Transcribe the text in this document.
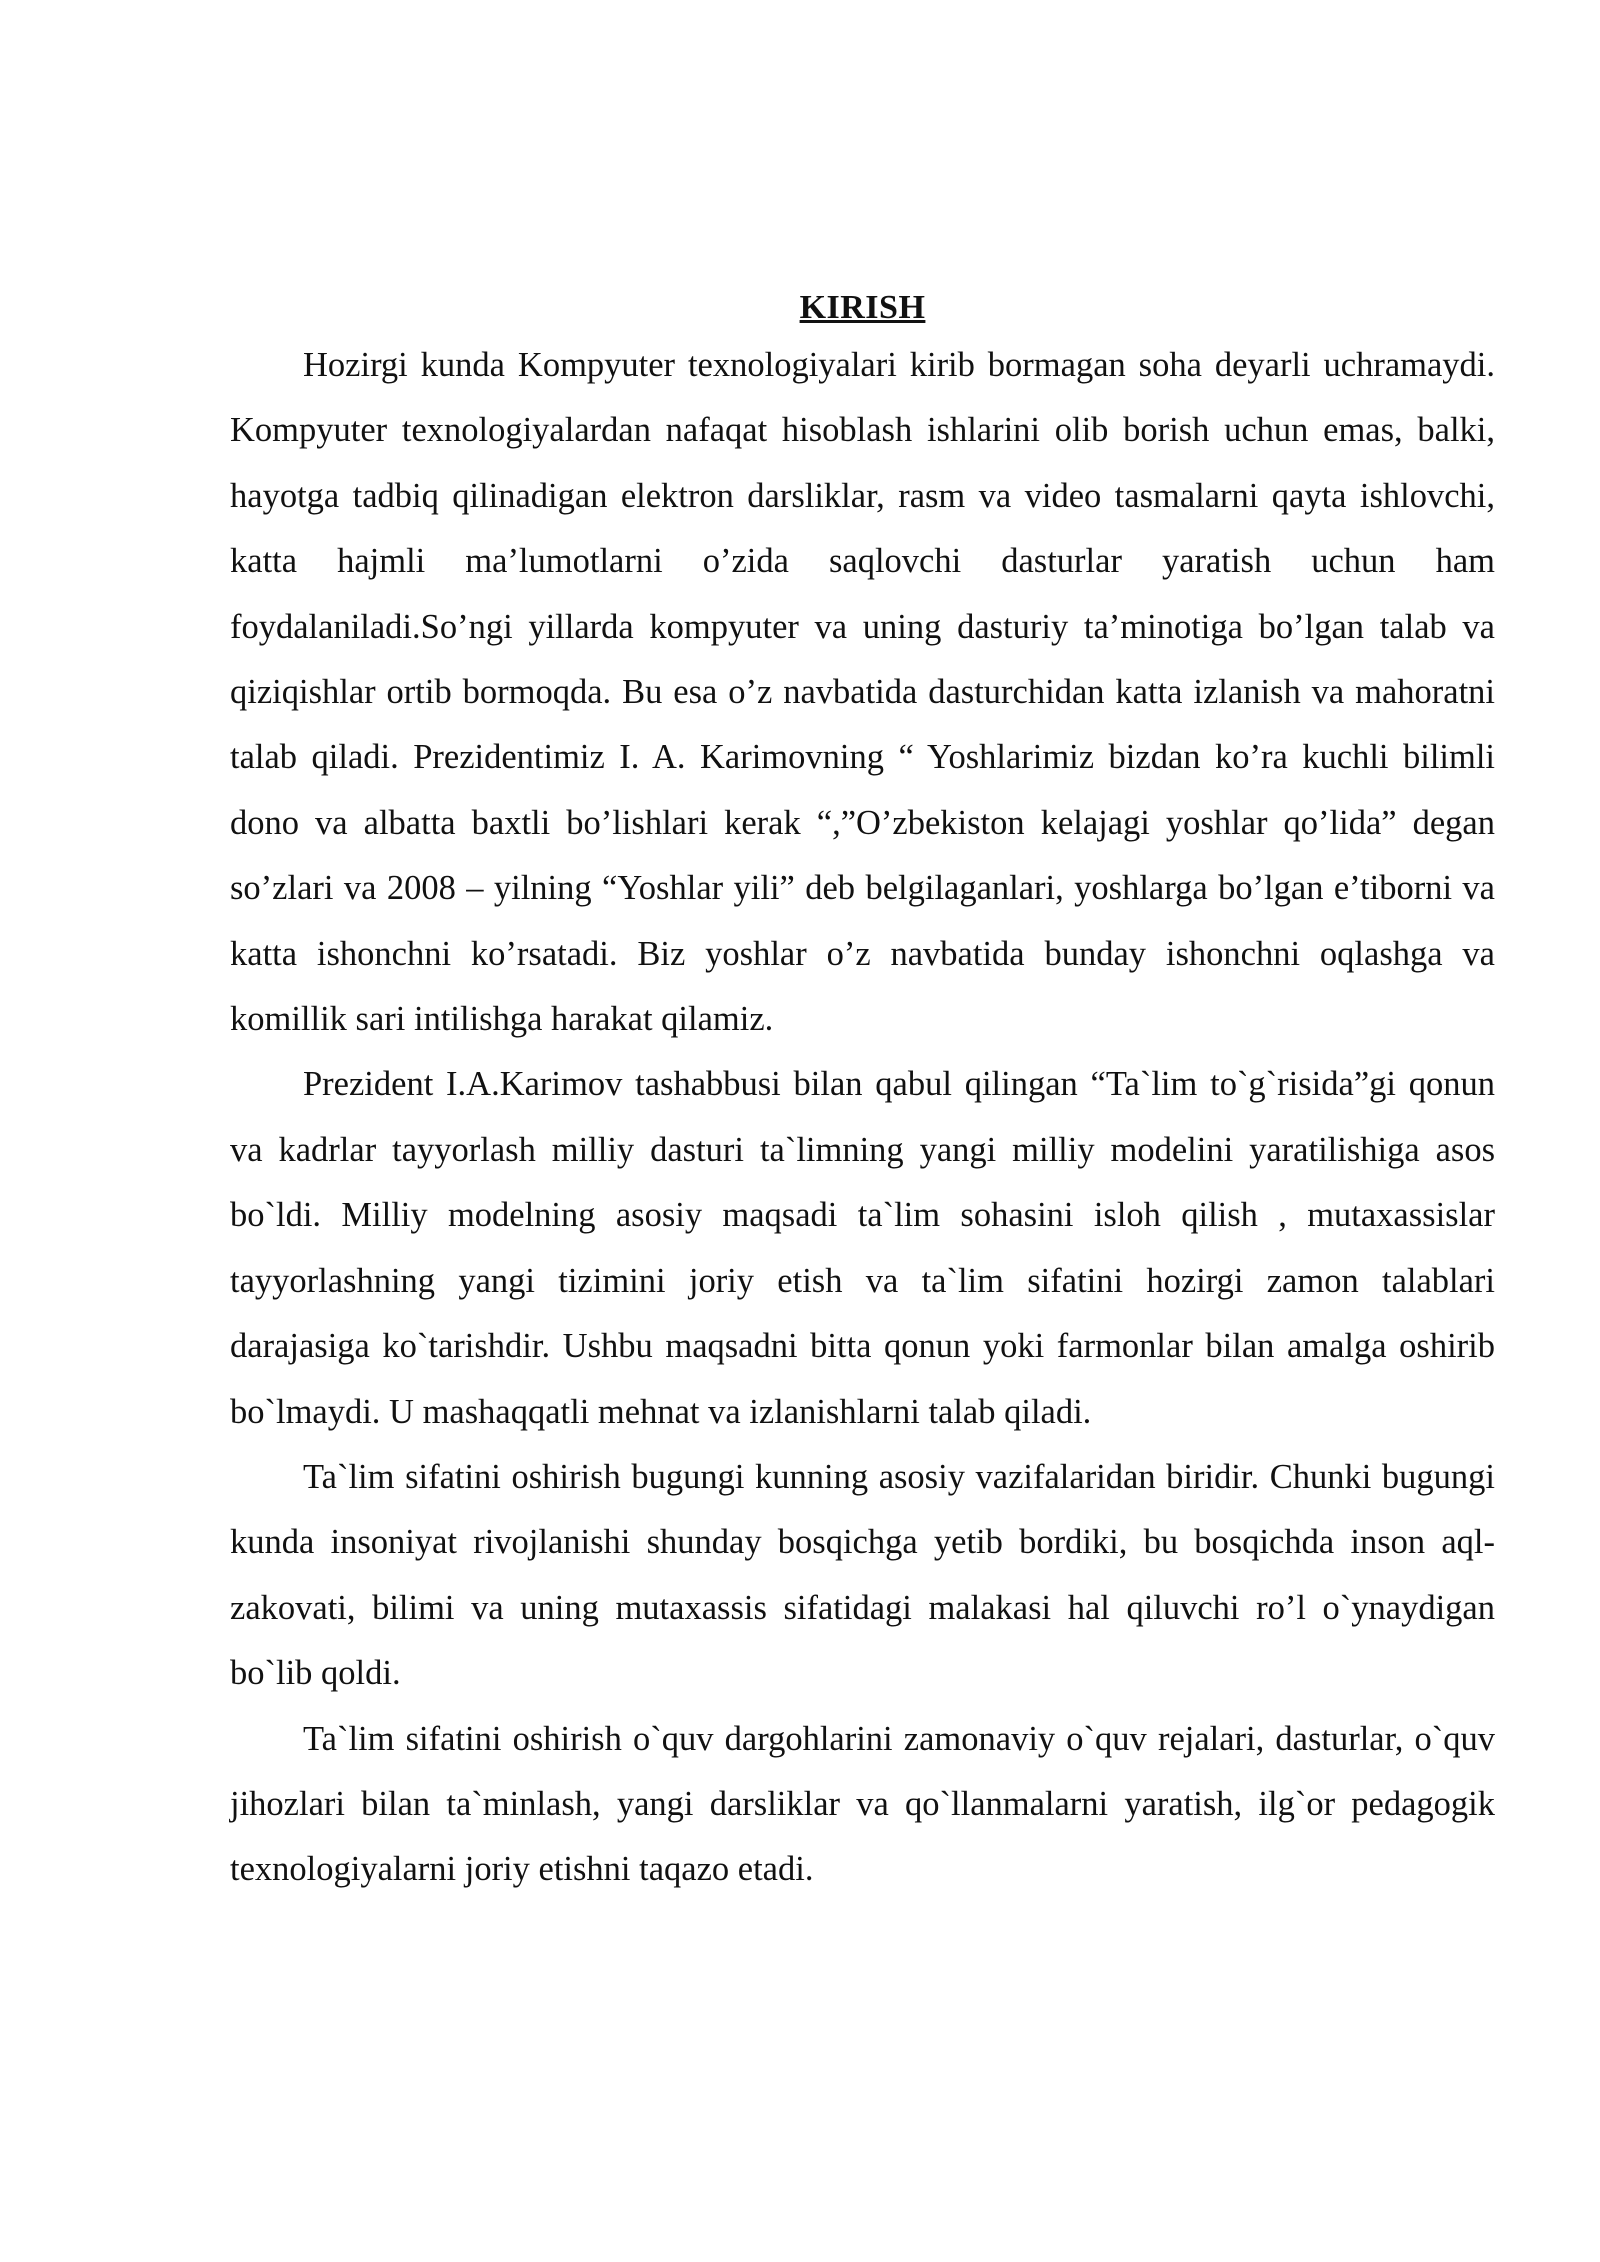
KIRISH

Hozirgi kunda Kompyuter texnologiyalari kirib bormagan soha deyarli uchramaydi. Kompyuter texnologiyalardan nafaqat hisoblash ishlarini olib borish uchun emas, balki, hayotga tadbiq qilinadigan elektron darsliklar, rasm va video tasmalarni qayta ishlovchi, katta hajmli ma’lumotlarni o’zida saqlovchi dasturlar yaratish uchun ham foydalaniladi.So’ngi yillarda kompyuter va uning dasturiy ta’minotiga bo’lgan talab va qiziqishlar ortib bormoqda. Bu esa o’z navbatida dasturchidan katta izlanish va mahoratni talab qiladi. Prezidentimiz I. A. Karimovning “ Yoshlarimiz bizdan ko’ra kuchli bilimli dono va albatta baxtli bo’lishlari kerak “,”O’zbekiston kelajagi yoshlar qo’lida” degan so’zlari va 2008 – yilning “Yoshlar yili” deb belgilaganlari, yoshlarga bo’lgan e’tiborni va katta ishonchni ko’rsatadi. Biz yoshlar o’z navbatida bunday ishonchni oqlashga va komillik sari intilishga harakat qilamiz.

Prezident I.A.Karimov tashabbusi bilan qabul qilingan “Ta`lim to`g`risida”gi qonun va kadrlar tayyorlash milliy dasturi ta`limning yangi milliy modelini yaratilishiga asos bo`ldi. Milliy modelning asosiy maqsadi ta`lim sohasini isloh qilish , mutaxassislar tayyorlashning yangi tizimini joriy etish va ta`lim sifatini hozirgi zamon talablari darajasiga ko`tarishdir. Ushbu maqsadni bitta qonun yoki farmonlar bilan amalga oshirib bo`lmaydi. U mashaqqatli mehnat va izlanishlarni talab qiladi.

Ta`lim sifatini oshirish bugungi kunning asosiy vazifalaridan biridir. Chunki bugungi kunda insoniyat rivojlanishi shunday bosqichga yetib bordiki, bu bosqichda inson aql-zakovati, bilimi va uning mutaxassis sifatidagi malakasi hal qiluvchi ro’l o`ynaydigan bo`lib qoldi.

Ta`lim sifatini oshirish o`quv dargohlarini zamonaviy o`quv rejalari, dasturlar, o`quv jihozlari bilan ta`minlash, yangi darsliklar va qo`llanmalarni yaratish, ilg`or pedagogik texnologiyalarni joriy etishni taqazo etadi.
